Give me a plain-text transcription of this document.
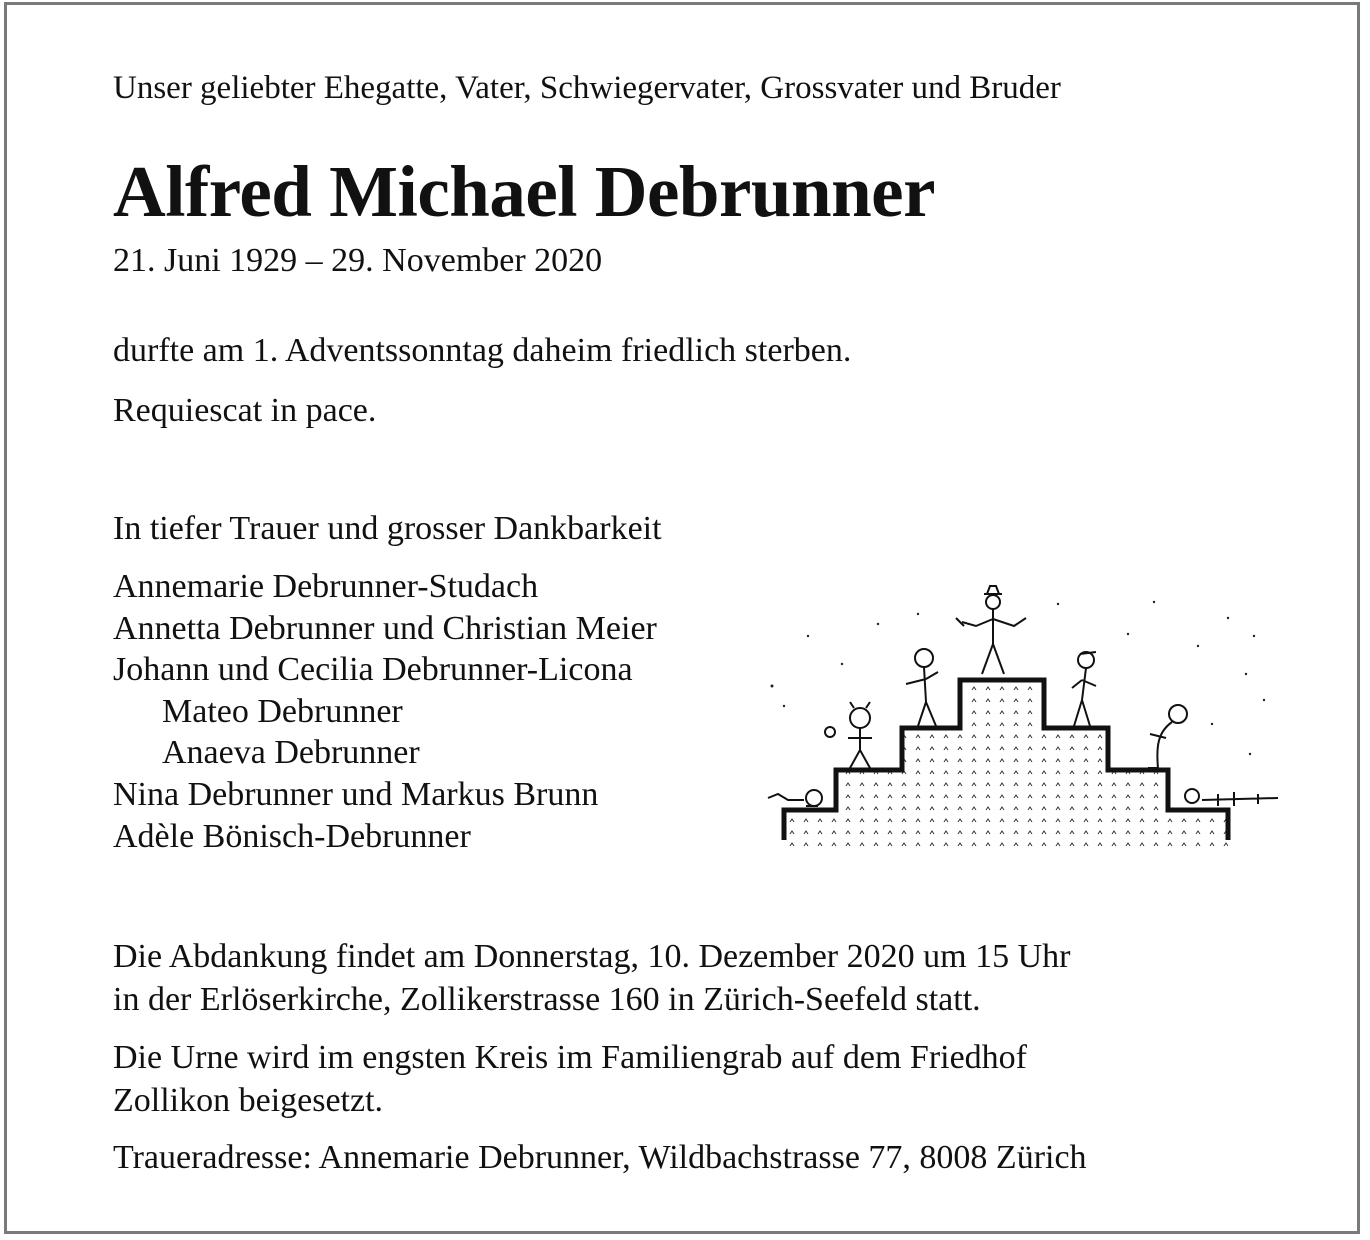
Unser geliebter Ehegatte, Vater, Schwiegervater, Grossvater und Bruder

Alfred Michael Debrunner

21. Juni 1929 – 29. November 2020

durfte am 1. Adventssonntag daheim friedlich sterben.

Requiescat in pace.

In tiefer Trauer und grosser Dankbarkeit

Annemarie Debrunner-Studach
Annetta Debrunner und Christian Meier
Johann und Cecilia Debrunner-Licona
Mateo Debrunner
Anaeva Debrunner
Nina Debrunner und Markus Brunn
Adèle Bönisch-Debrunner
Die Abdankung findet am Donnerstag, 10. Dezember 2020 um 15 Uhr
in der Erlöserkirche, Zollikerstrasse 160 in Zürich-Seefeld statt.
Die Urne wird im engsten Kreis im Familiengrab auf dem Friedhof
Zollikon beigesetzt.

Traueradresse: Annemarie Debrunner, Wildbachstrasse 77, 8008 Zürich
